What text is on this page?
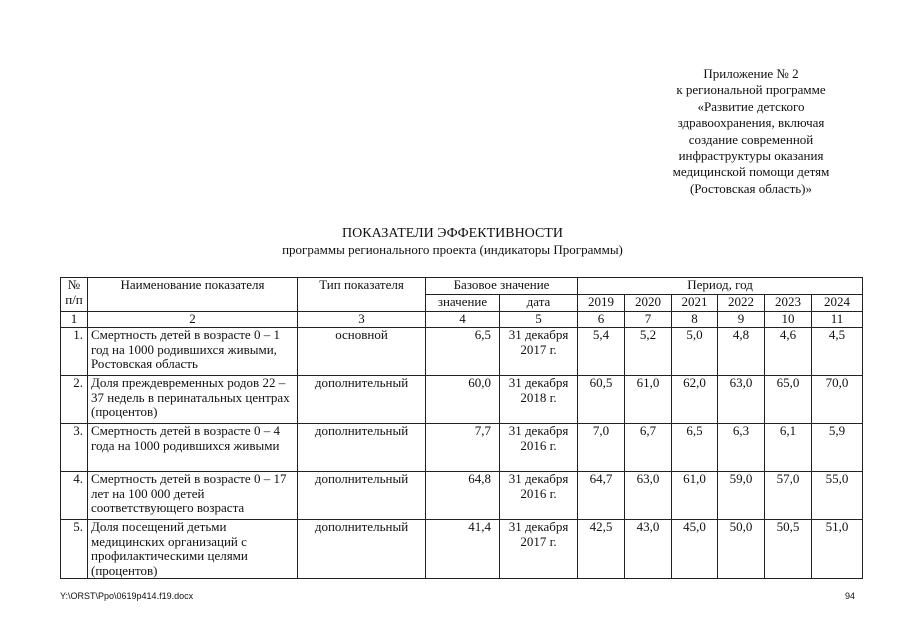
Приложение № 2
к региональной программе
«Развитие детского
здравоохранения, включая
создание современной
инфраструктуры оказания
медицинской помощи детям
(Ростовская область)»
ПОКАЗАТЕЛИ ЭФФЕКТИВНОСТИ
программы регионального проекта (индикаторы Программы)
№ п/п	Наименование показателя	Тип показателя	Базовое значение		Период, год					
			значение	дата	2019	2020	2021	2022	2023	2024
1	2	3	4	5	6	7	8	9	10	11
1.	Смертность детей в возрасте 0 – 1 год на 1000 родившихся живыми, Ростовская область	основной	6,5	31 декабря 2017 г.	5,4	5,2	5,0	4,8	4,6	4,5
2.	Доля преждевременных родов 22 – 37 недель в перинатальных центрах (процентов)	дополнительный	60,0	31 декабря 2018 г.	60,5	61,0	62,0	63,0	65,0	70,0
3.	Смертность детей в возрасте 0 – 4 года на 1000 родившихся живыми	дополнительный	7,7	31 декабря 2016 г.	7,0	6,7	6,5	6,3	6,1	5,9
4.	Смертность детей в возрасте 0 – 17 лет на 100 000 детей соответствующего возраста	дополнительный	64,8	31 декабря 2016 г.	64,7	63,0	61,0	59,0	57,0	55,0
5.	Доля посещений детьми медицинских организаций с профилактическими целями (процентов)	дополнительный	41,4	31 декабря 2017 г.	42,5	43,0	45,0	50,0	50,5	51,0
Y:\ORST\Ppo\0619p414.f19.docx	94
